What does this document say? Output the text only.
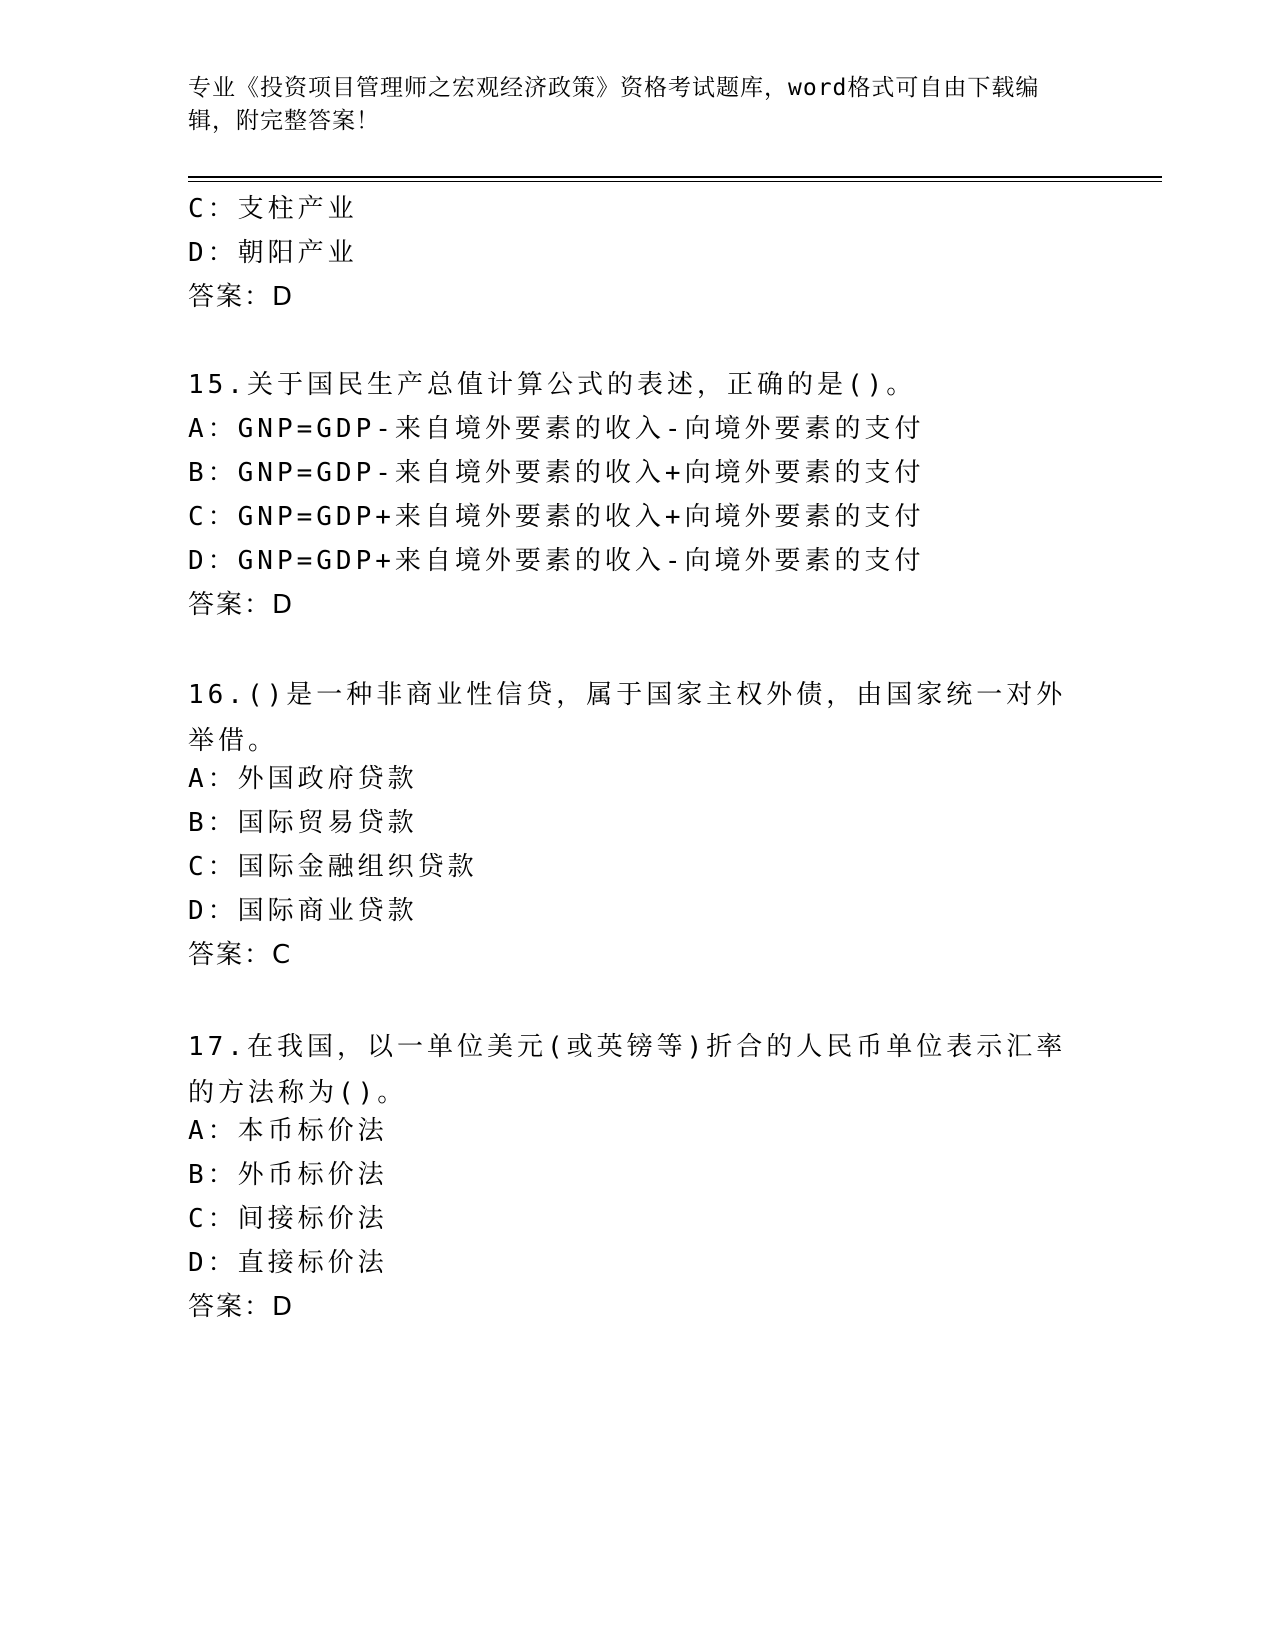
专业《投资项目管理师之宏观经济政策》资格考试题库，word格式可自由下载编辑，附完整答案！
C：支柱产业
D：朝阳产业
答案：D
15.关于国民生产总值计算公式的表述，正确的是()。
A：GNP=GDP-来自境外要素的收入-向境外要素的支付
B：GNP=GDP-来自境外要素的收入+向境外要素的支付
C：GNP=GDP+来自境外要素的收入+向境外要素的支付
D：GNP=GDP+来自境外要素的收入-向境外要素的支付
答案：D
16.()是一种非商业性信贷，属于国家主权外债，由国家统一对外举借。
A：外国政府贷款
B：国际贸易贷款
C：国际金融组织贷款
D：国际商业贷款
答案：C
17.在我国，以一单位美元(或英镑等)折合的人民币单位表示汇率的方法称为()。
A：本币标价法
B：外币标价法
C：间接标价法
D：直接标价法
答案：D
